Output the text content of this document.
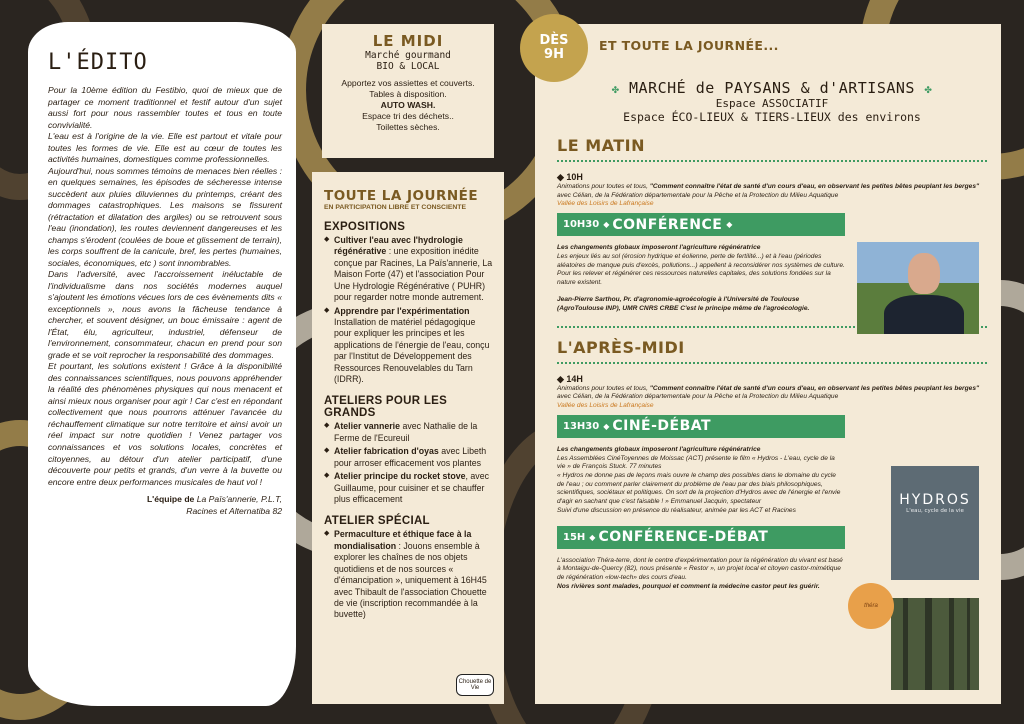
L'ÉDITO

Pour la 10ème édition du Festibio, quoi de mieux que de partager ce moment traditionnel et festif autour d'un sujet aussi fort pour nous rassembler toutes et tous en toute convivialité.

L'eau est à l'origine de la vie. Elle est partout et vitale pour toutes les formes de vie. Elle est au cœur de toutes les activités humaines, domestiques comme professionnelles.

Aujourd'hui, nous sommes témoins de menaces bien réelles : en quelques semaines, les épisodes de sécheresse intense succèdent aux pluies diluviennes du printemps, créant des dommages catastrophiques. Les maisons se fissurent (rétractation et dilatation des argiles) ou se retrouvent sous l'eau (inondation), les routes deviennent dangereuses et les champs s'érodent (coulées de boue et glissement de terrain), les corps souffrent de la canicule, bref, les pertes (humaines, sociales, économiques, etc ) sont innombrables.

Dans l'adversité, avec l'accroissement inéluctable de l'individualisme dans nos sociétés modernes auquel s'ajoutent les émotions vécues lors de ces évènements dits « exceptionnels », nous avons la fâcheuse tendance à chercher, et souvent désigner, un bouc émissaire : agent de l'État, élu, agriculteur, industriel, défenseur de l'environnement, consommateur, chacun en prend pour son grade et se voit reprocher la responsabilité des dommages.

Et pourtant, les solutions existent ! Grâce à la disponibilité des connaissances scientifiques, nous pouvons appréhender la réalité des phénomènes physiques qui nous menacent et ainsi mieux nous organiser pour agir ! Car c'est en répondant collectivement que nous pourrons atténuer l'avancée du réchauffement climatique sur notre territoire et ainsi avoir un réel impact sur notre quotidien ! Venez partager vos connaissances et vos solutions locales, concrètes et citoyennes, au détour d'un atelier participatif, d'une découverte pour petits et grands, d'un verre à la buvette ou encore entre deux performances musicales de haut vol !

L'équipe de La Païs'annerie, P.L.T,
Racines et Alternatiba 82
LE MIDI
Marché gourmand
BIO & LOCAL
Apportez vos assiettes et couverts.
Tables à disposition.
AUTO WASH.
Espace tri des déchets..
Toilettes sèches.
TOUTE LA JOURNÉE
EN PARTICIPATION LIBRE ET CONSCIENTE
EXPOSITIONS
◆ Cultiver l'eau avec l'hydrologie régénérative : une exposition inédite conçue par Racines, La Païs'annerie, La Maison Forte (47) et l'association Pour Une Hydrologie Régénérative ( PUHR) pour regarder notre monde autrement.
◆ Apprendre par l'expérimentation
Installation de matériel pédagogique pour expliquer les principes et les applications de l'énergie de l'eau, conçu par l'Institut de Développement des Ressources Renouvelables du Tarn (IDRR).
ATELIERS POUR LES GRANDS
◆ Atelier vannerie avec Nathalie de la Ferme de l'Ecureuil
◆ Atelier fabrication d'oyas avec Libeth pour arroser efficacement vos plantes
◆ Atelier principe du rocket stove, avec Guillaume, pour cuisiner et se chauffer plus efficacement
ATELIER SPÉCIAL
◆ Permaculture et éthique face à la mondialisation : Jouons ensemble à explorer les chaînes de nos objets quotidiens et de nos sources « d'émancipation », uniquement à 16H45 avec Thibault de l'association Chouette de vie (inscription recommandée à la buvette)
Chouette de Vie
ET TOUTE LA JOURNÉE...
✤ MARCHÉ de PAYSANS & d'ARTISANS ✤
Espace ASSOCIATIF
Espace ÉCO-LIEUX & TIERS-LIEUX des environs
LE MATIN
◆ 10H
Animations pour toutes et tous, "Comment connaître l'état de santé d'un cours d'eau, en observant les petites bêtes peuplant les berges" avec Célian, de la Fédération départementale pour la Pêche et la Protection du Milieu Aquatique
Vallée des Loisirs de Lafrançaise
10H30 ◆ CONFÉRENCE ◆
Les changements globaux imposeront l'agriculture régénératrice
Les enjeux liés au sol (érosion hydrique et éolienne, perte de fertilité...) et à l'eau (périodes aléatoires de manque puis d'excès, pollutions...) appellent à reconsidérer nos systèmes de culture. Pour les relever et régénérer ces ressources naturelles capitales, des solutions fondées sur la nature existent.

Jean-Pierre Sarthou, Pr. d'agronomie-agroécologie à l'Université de Toulouse (AgroToulouse INP), UMR CNRS CRBE C'est le principe même de l'agroécologie.
L'APRÈS-MIDI
◆ 14H
Animations pour toutes et tous, "Comment connaître l'état de santé d'un cours d'eau, en observant les petites bêtes peuplant les berges" avec Célian, de la Fédération départementale pour la Pêche et la Protection du Milieu Aquatique
Vallée des Loisirs de Lafrançaise
13H30 ◆ CINÉ-DÉBAT
Les changements globaux imposeront l'agriculture régénératrice
Les Assemblées CinéToyennes de Moissac (ACT) présente le film « Hydros - L'eau, cycle de la vie » de François Stuck. 77 minutes
« Hydros ne donne pas de leçons mais ouvre le champ des possibles dans le domaine du cycle de l'eau ; ou comment parler clairement du problème de l'eau par des biais philosophiques, scientifiques, sociétaux et politiques. On sort de la projection d'Hydros avec de l'énergie et l'envie d'agir en sachant que c'est faisable ! » Emmanuel Jacquin, spectateur
Suivi d'une discussion en présence du réalisateur, animée par les ACT et Racines
15H ◆ CONFÉRENCE-DÉBAT
L'association Théra-terre, dont le centre d'expérimentation pour la régénération du vivant est basé à Montaigu-de-Quercy (82), nous présente « Restor », un projet local et citoyen castor-mimétique de régénération «low-tech» des cours d'eau.
Nos rivières sont malades, pourquoi et comment la médecine castor peut les guérir.
DÈS
9H
HYDROS
L'eau, cycle de la vie
théra
